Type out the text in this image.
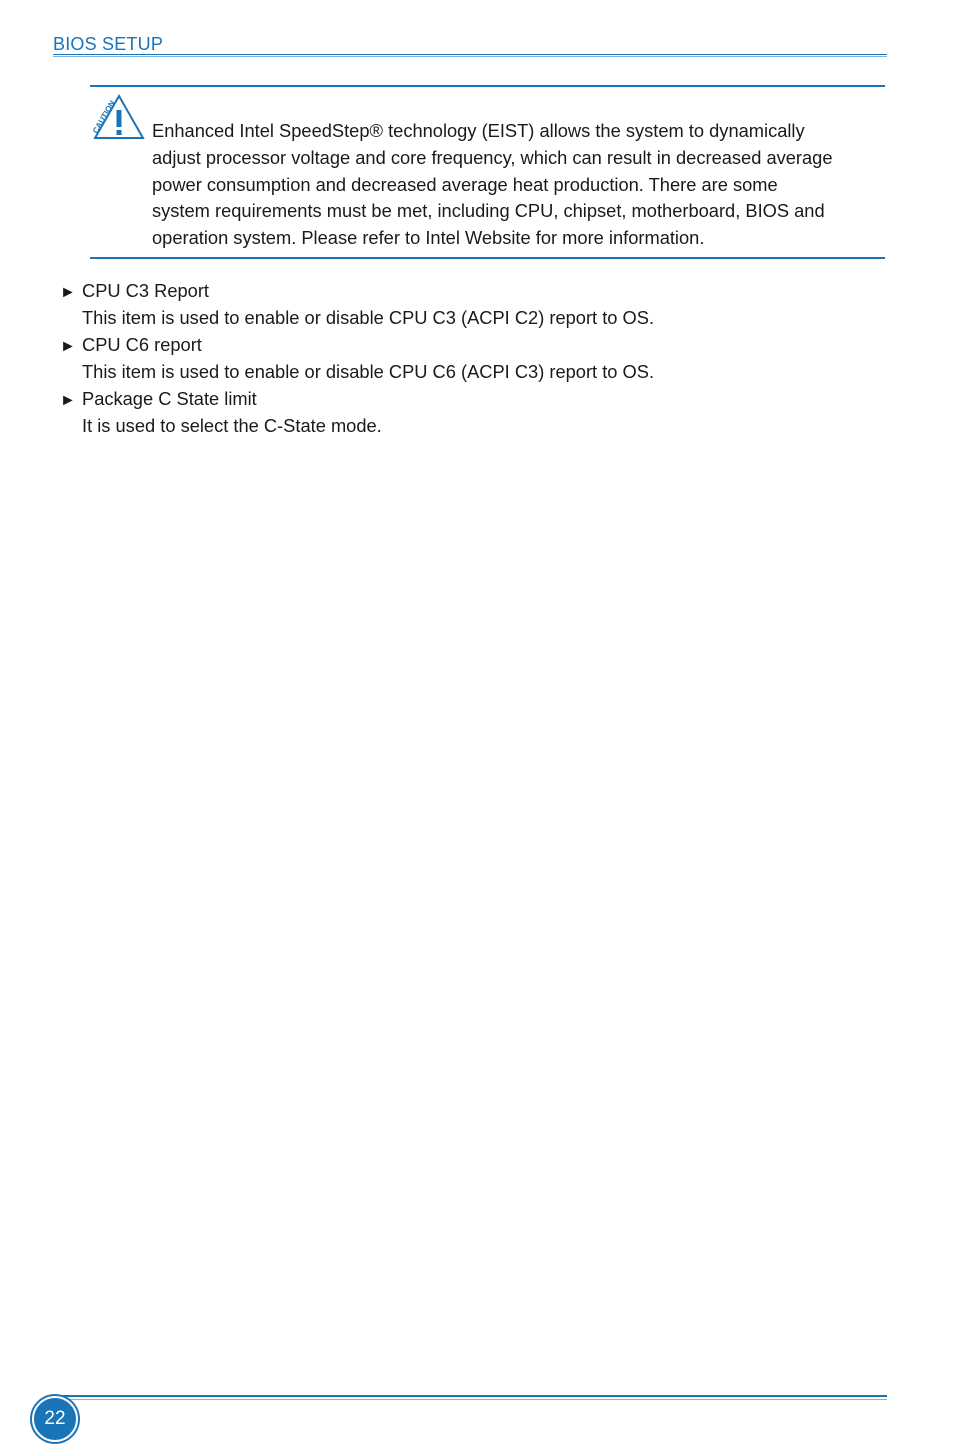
BIOS SETUP
CAUTION Enhanced Intel SpeedStep® technology (EIST) allows the system to dynamically
adjust processor voltage and core frequency, which can result in decreased average
power consumption and decreased average heat production. There are some
system requirements must be met, including CPU, chipset, motherboard, BIOS and
operation system. Please refer to Intel Website for more information.
► CPU C3 Report
This item is used to enable or disable CPU C3 (ACPI C2) report to OS.
► CPU C6 report
This item is used to enable or disable CPU C6 (ACPI C3) report to OS.
► Package C State limit
It is used to select the C-State mode.
22
